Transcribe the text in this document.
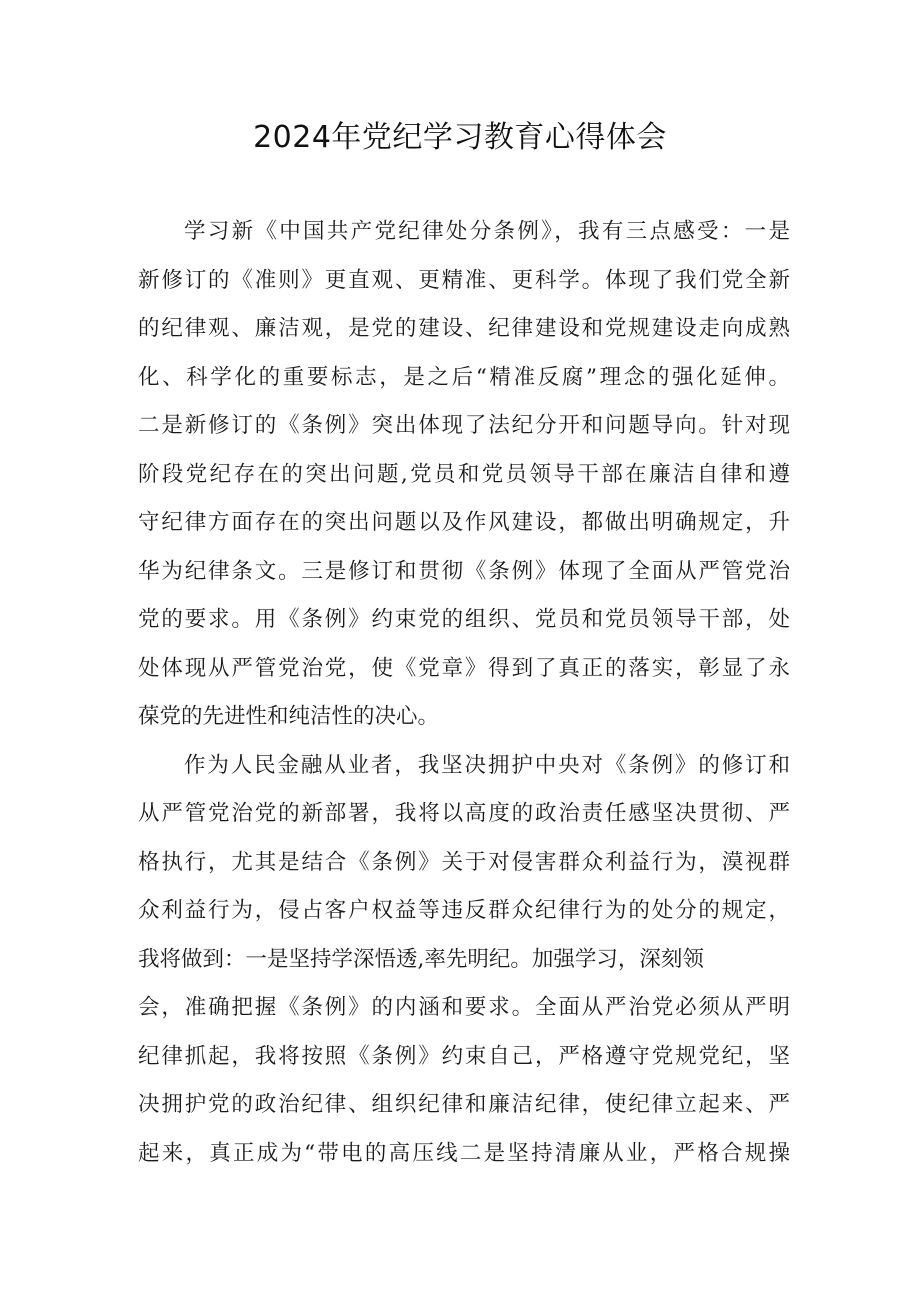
2024年党纪学习教育心得体会
学习新《中国共产党纪律处分条例》，我有三点感受：一是
新修订的《准则》更直观、更精准、更科学。体现了我们党全新
的纪律观、廉洁观，是党的建设、纪律建设和党规建设走向成熟
化、科学化的重要标志，是之后“精准反腐”理念的强化延伸。
二是新修订的《条例》突出体现了法纪分开和问题导向。针对现
阶段党纪存在的突出问题,党员和党员领导干部在廉洁自律和遵
守纪律方面存在的突出问题以及作风建设，都做出明确规定，升
华为纪律条文。三是修订和贯彻《条例》体现了全面从严管党治
党的要求。用《条例》约束党的组织、党员和党员领导干部，处
处体现从严管党治党，使《党章》得到了真正的落实，彰显了永
葆党的先进性和纯洁性的决心。
作为人民金融从业者，我坚决拥护中央对《条例》的修订和
从严管党治党的新部署，我将以高度的政治责任感坚决贯彻、严
格执行，尤其是结合《条例》关于对侵害群众利益行为，漠视群
众利益行为，侵占客户权益等违反群众纪律行为的处分的规定，
我将做到：一是坚持学深悟透,率先明纪。加强学习，深刻领
会，准确把握《条例》的内涵和要求。全面从严治党必须从严明
纪律抓起，我将按照《条例》约束自己，严格遵守党规党纪，坚
决拥护党的政治纪律、组织纪律和廉洁纪律，使纪律立起来、严
起来，真正成为“带电的高压线二是坚持清廉从业，严格合规操
